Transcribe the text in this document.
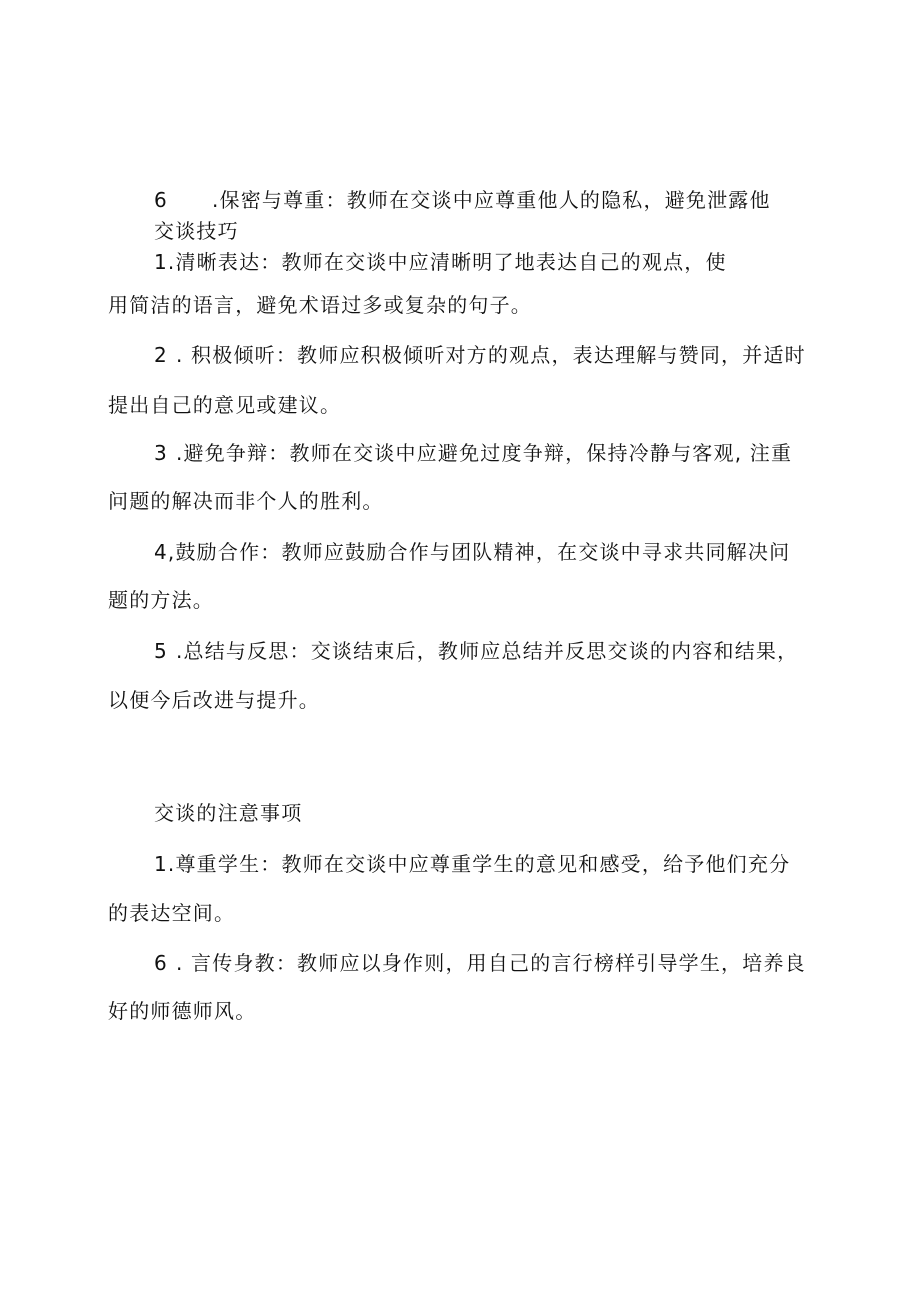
6 .保密与尊重：教师在交谈中应尊重他人的隐私，避免泄露他
交谈技巧
1.清晰表达：教师在交谈中应清晰明了地表达自己的观点，使
用简洁的语言，避免术语过多或复杂的句子。
2 . 积极倾听：教师应积极倾听对方的观点，表达理解与赞同，并适时
提出自己的意见或建议。
3 .避免争辩：教师在交谈中应避免过度争辩，保持冷静与客观, 注重
问题的解决而非个人的胜利。
4,鼓励合作：教师应鼓励合作与团队精神，在交谈中寻求共同解决问
题的方法。
5 .总结与反思：交谈结束后，教师应总结并反思交谈的内容和结果，
以便今后改进与提升。
交谈的注意事项
1.尊重学生：教师在交谈中应尊重学生的意见和感受，给予他们充分
的表达空间。
6 . 言传身教：教师应以身作则，用自己的言行榜样引导学生，培养良
好的师德师风。
